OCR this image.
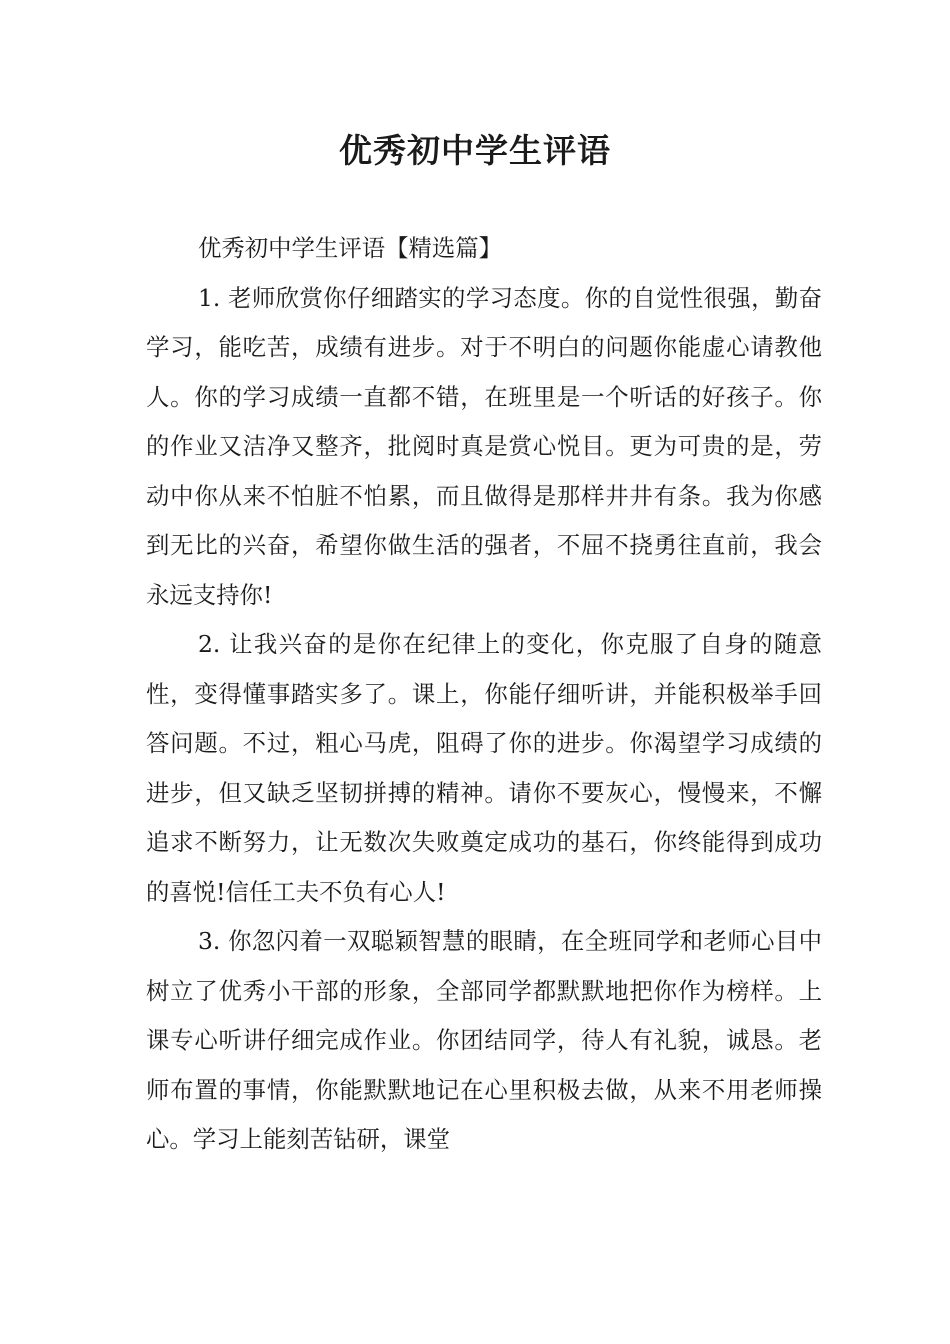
优秀初中学生评语

优秀初中学生评语【精选篇】

1. 老师欣赏你仔细踏实的学习态度。你的自觉性很强，勤奋学习，能吃苦，成绩有进步。对于不明白的问题你能虚心请教他人。你的学习成绩一直都不错，在班里是一个听话的好孩子。你的作业又洁净又整齐，批阅时真是赏心悦目。更为可贵的是，劳动中你从来不怕脏不怕累，而且做得是那样井井有条。我为你感到无比的兴奋，希望你做生活的强者，不屈不挠勇往直前，我会永远支持你!

2. 让我兴奋的是你在纪律上的变化，你克服了自身的随意性，变得懂事踏实多了。课上，你能仔细听讲，并能积极举手回答问题。不过，粗心马虎，阻碍了你的进步。你渴望学习成绩的进步，但又缺乏坚韧拼搏的精神。请你不要灰心，慢慢来，不懈追求不断努力，让无数次失败奠定成功的基石，你终能得到成功的喜悦!信任工夫不负有心人!

3. 你忽闪着一双聪颖智慧的眼睛，在全班同学和老师心目中树立了优秀小干部的形象，全部同学都默默地把你作为榜样。上课专心听讲仔细完成作业。你团结同学，待人有礼貌，诚恳。老师布置的事情，你能默默地记在心里积极去做，从来不用老师操心。学习上能刻苦钻研，课堂
